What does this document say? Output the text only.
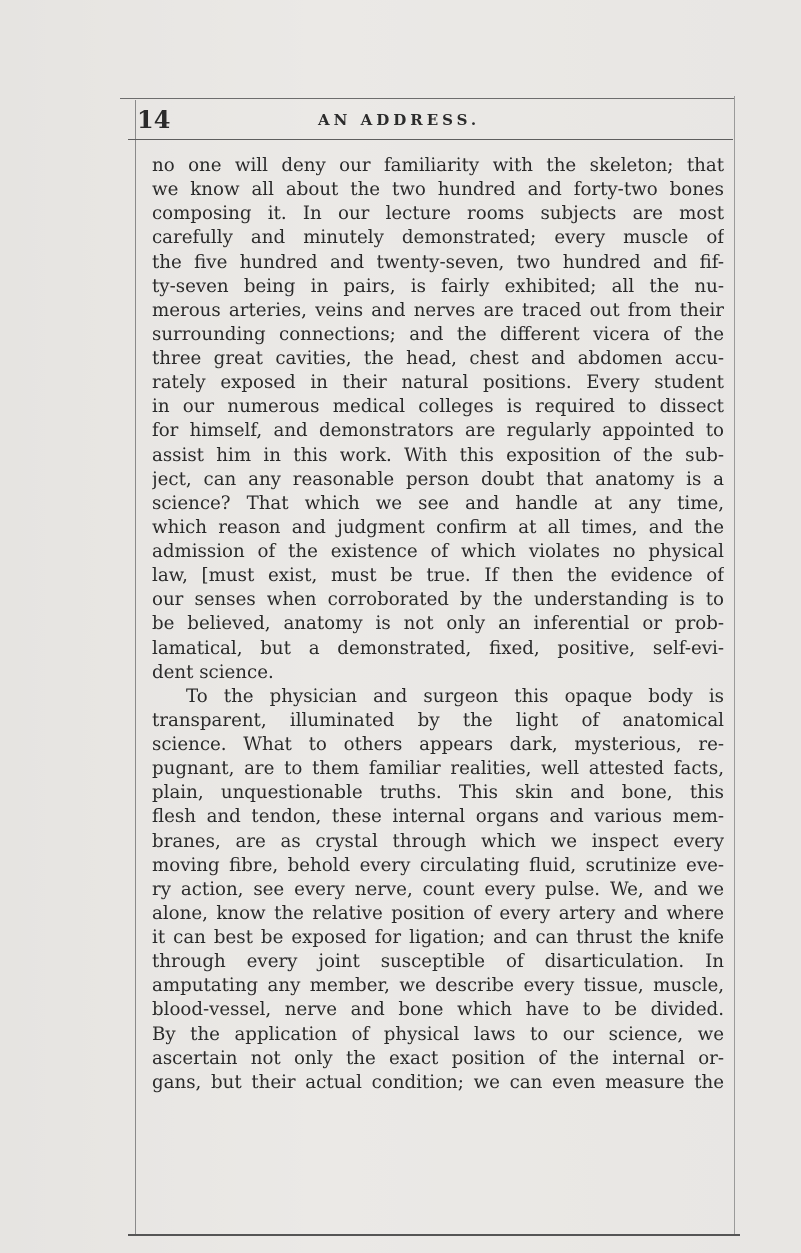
14	AN ADDRESS.
no one will deny our familiarity with the skeleton; that
we know all about the two hundred and forty-two bones
composing it. In our lecture rooms subjects are most
carefully and minutely demonstrated; every muscle of
the five hundred and twenty-seven, two hundred and fif-
ty-seven being in pairs, is fairly exhibited; all the nu-
merous arteries, veins and nerves are traced out from their
surrounding connections; and the different vicera of the
three great cavities, the head, chest and abdomen accu-
rately exposed in their natural positions. Every student
in our numerous medical colleges is required to dissect
for himself, and demonstrators are regularly appointed to
assist him in this work. With this exposition of the sub-
ject, can any reasonable person doubt that anatomy is a
science? That which we see and handle at any time,
which reason and judgment confirm at all times, and the
admission of the existence of which violates no physical
law, [must exist, must be true. If then the evidence of
our senses when corroborated by the understanding is to
be believed, anatomy is not only an inferential or prob-
lamatical, but a demonstrated, fixed, positive, self-evi-
dent science.
To the physician and surgeon this opaque body is
transparent, illuminated by the light of anatomical
science. What to others appears dark, mysterious, re-
pugnant, are to them familiar realities, well attested facts,
plain, unquestionable truths. This skin and bone, this
flesh and tendon, these internal organs and various mem-
branes, are as crystal through which we inspect every
moving fibre, behold every circulating fluid, scrutinize eve-
ry action, see every nerve, count every pulse. We, and we
alone, know the relative position of every artery and where
it can best be exposed for ligation; and can thrust the knife
through every joint susceptible of disarticulation. In
amputating any member, we describe every tissue, muscle,
blood-vessel, nerve and bone which have to be divided.
By the application of physical laws to our science, we
ascertain not only the exact position of the internal or-
gans, but their actual condition; we can even measure the
